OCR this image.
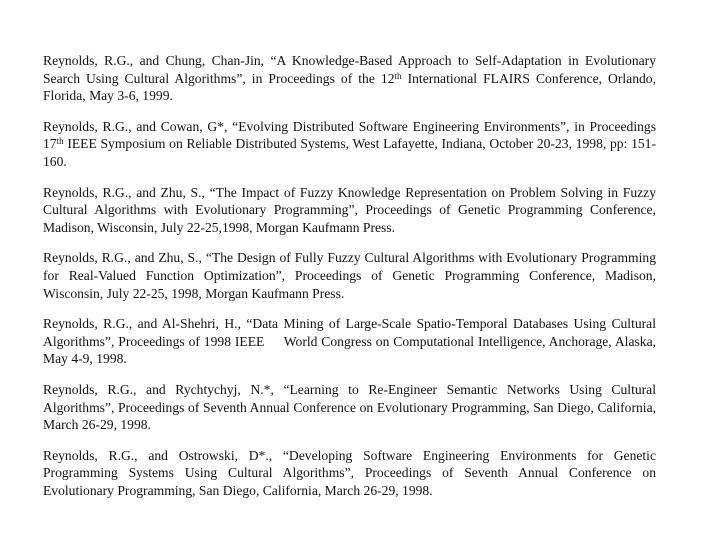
Reynolds, R.G., and Chung, Chan-Jin, “A Knowledge-Based Approach to Self-Adaptation in Evolutionary Search Using Cultural Algorithms”, in Proceedings of the 12th International FLAIRS Conference, Orlando, Florida, May 3-6, 1999.

Reynolds, R.G., and Cowan, G*, “Evolving Distributed Software Engineering Environments”, in Proceedings 17th IEEE Symposium on Reliable Distributed Systems, West Lafayette, Indiana, October 20-23, 1998, pp: 151-160.

Reynolds, R.G., and Zhu, S., “The Impact of Fuzzy Knowledge Representation on Problem Solving in Fuzzy Cultural Algorithms with Evolutionary Programming”, Proceedings of Genetic Programming Conference, Madison, Wisconsin, July 22-25,1998, Morgan Kaufmann Press.

Reynolds, R.G., and Zhu, S., “The Design of Fully Fuzzy Cultural Algorithms with Evolutionary Programming for Real-Valued Function Optimization”, Proceedings of Genetic Programming Conference, Madison, Wisconsin, July 22-25, 1998, Morgan Kaufmann Press.

Reynolds, R.G., and Al-Shehri, H., “Data Mining of Large-Scale Spatio-Temporal Databases Using Cultural Algorithms”, Proceedings of 1998 IEEE     World Congress on Computational Intelligence, Anchorage, Alaska, May 4-9, 1998.

Reynolds, R.G., and Rychtychyj, N.*, “Learning to Re-Engineer Semantic Networks Using Cultural Algorithms”, Proceedings of Seventh Annual Conference on Evolutionary Programming, San Diego, California, March 26-29, 1998.

Reynolds, R.G., and Ostrowski, D*., “Developing Software Engineering Environments for Genetic Programming Systems Using Cultural Algorithms”, Proceedings of Seventh Annual Conference on Evolutionary Programming, San Diego, California, March 26-29, 1998.
